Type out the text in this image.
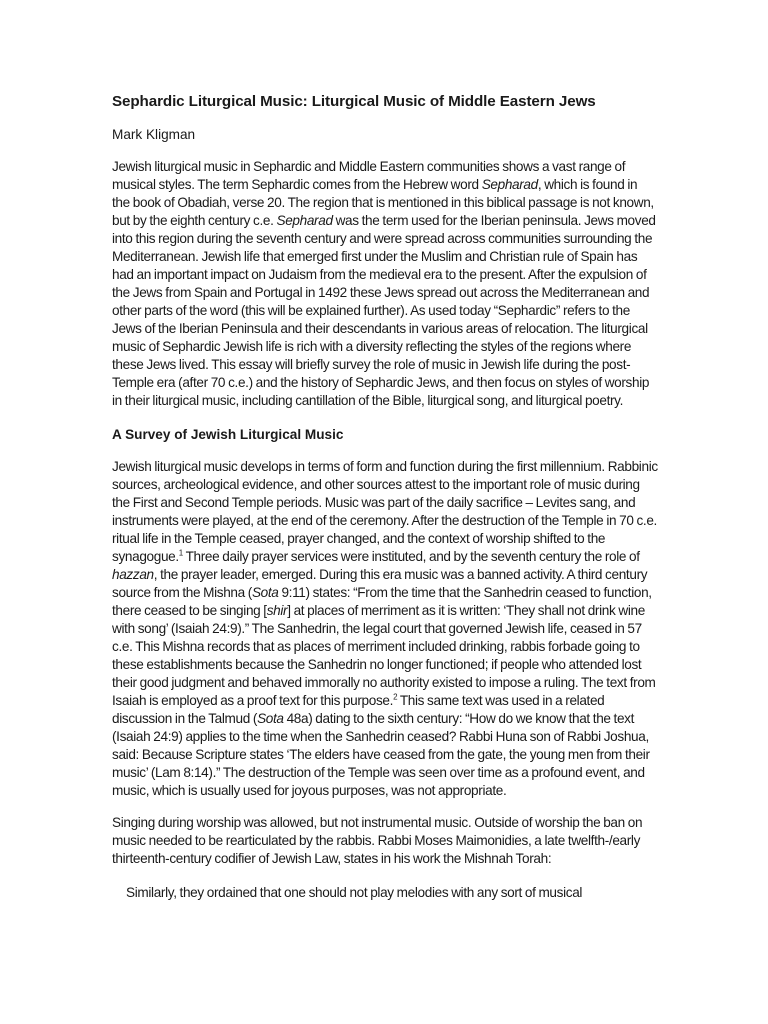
Sephardic Liturgical Music: Liturgical Music of Middle Eastern Jews
Mark Kligman

Jewish liturgical music in Sephardic and Middle Eastern communities shows a vast range of musical styles. The term Sephardic comes from the Hebrew word Sepharad, which is found in the book of Obadiah, verse 20. The region that is mentioned in this biblical passage is not known, but by the eighth century c.e. Sepharad was the term used for the Iberian peninsula. Jews moved into this region during the seventh century and were spread across communities surrounding the Mediterranean. Jewish life that emerged first under the Muslim and Christian rule of Spain has had an important impact on Judaism from the medieval era to the present. After the expulsion of the Jews from Spain and Portugal in 1492 these Jews spread out across the Mediterranean and other parts of the word (this will be explained further). As used today “Sephardic” refers to the Jews of the Iberian Peninsula and their descendants in various areas of relocation. The liturgical music of Sephardic Jewish life is rich with a diversity reflecting the styles of the regions where these Jews lived. This essay will briefly survey the role of music in Jewish life during the post-Temple era (after 70 c.e.) and the history of Sephardic Jews, and then focus on styles of worship in their liturgical music, including cantillation of the Bible, liturgical song, and liturgical poetry.

A Survey of Jewish Liturgical Music

Jewish liturgical music develops in terms of form and function during the first millennium. Rabbinic sources, archeological evidence, and other sources attest to the important role of music during the First and Second Temple periods. Music was part of the daily sacrifice – Levites sang, and instruments were played, at the end of the ceremony. After the destruction of the Temple in 70 c.e. ritual life in the Temple ceased, prayer changed, and the context of worship shifted to the synagogue.$^1$ Three daily prayer services were instituted, and by the seventh century the role of hazzan, the prayer leader, emerged. During this era music was a banned activity. A third century source from the Mishna (Sota 9:11) states: “From the time that the Sanhedrin ceased to function, there ceased to be singing [shir] at places of merriment as it is written: ‘They shall not drink wine with song’ (Isaiah 24:9).” The Sanhedrin, the legal court that governed Jewish life, ceased in 57 c.e. This Mishna records that as places of merriment included drinking, rabbis forbade going to these establishments because the Sanhedrin no longer functioned; if people who attended lost their good judgment and behaved immorally no authority existed to impose a ruling. The text from Isaiah is employed as a proof text for this purpose.$^2$ This same text was used in a related discussion in the Talmud (Sota 48a) dating to the sixth century: “How do we know that the text (Isaiah 24:9) applies to the time when the Sanhedrin ceased? Rabbi Huna son of Rabbi Joshua, said: Because Scripture states ‘The elders have ceased from the gate, the young men from their music’ (Lam 8:14).” The destruction of the Temple was seen over time as a profound event, and music, which is usually used for joyous purposes, was not appropriate.

Singing during worship was allowed, but not instrumental music. Outside of worship the ban on music needed to be rearticulated by the rabbis. Rabbi Moses Maimonidies, a late twelfth-/early thirteenth-century codifier of Jewish Law, states in his work the Mishnah Torah:

Similarly, they ordained that one should not play melodies with any sort of musical
